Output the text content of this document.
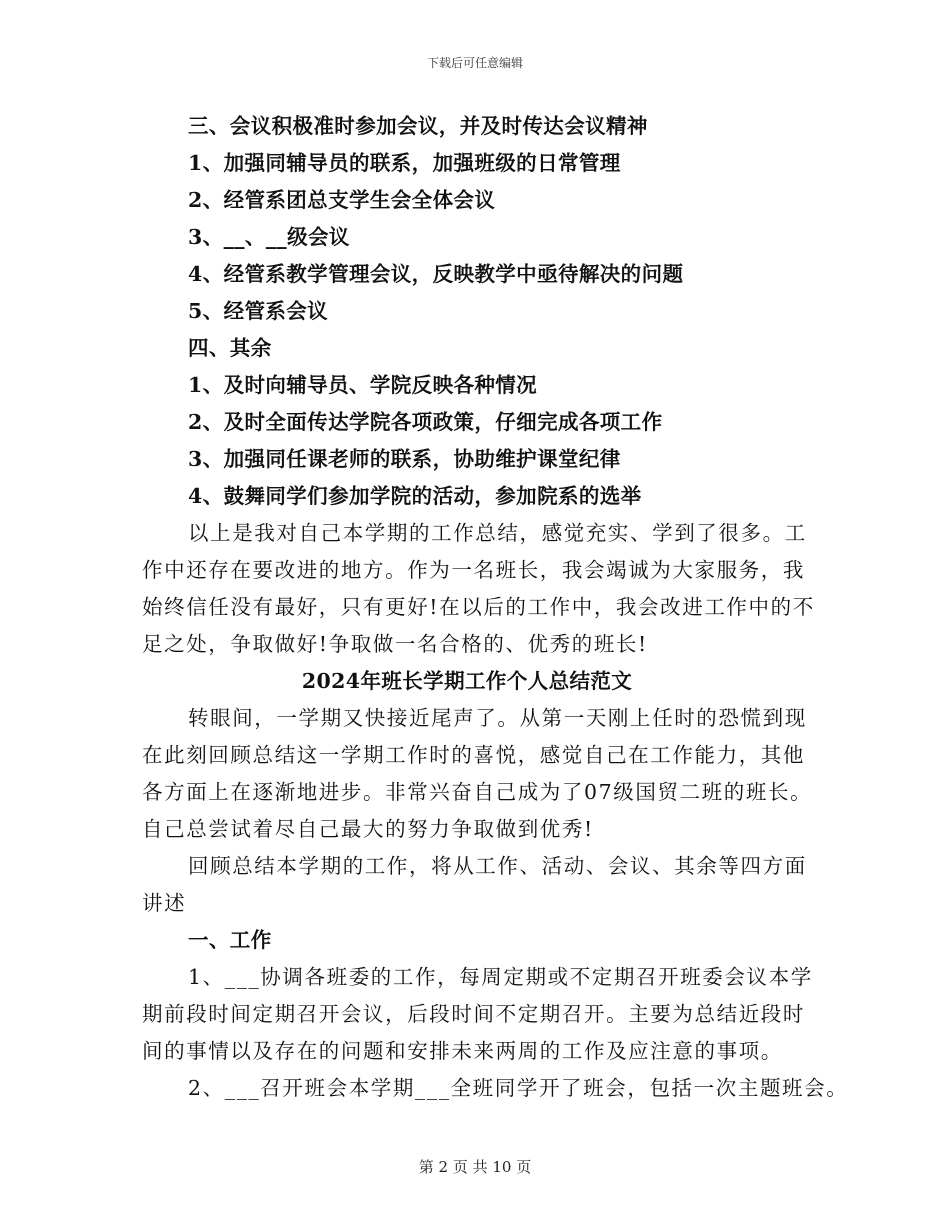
下载后可任意编辑
三、会议积极准时参加会议，并及时传达会议精神
1、加强同辅导员的联系，加强班级的日常管理
2、经管系团总支学生会全体会议
3、__、__级会议
4、经管系教学管理会议，反映教学中亟待解决的问题
5、经管系会议
四、其余
1、及时向辅导员、学院反映各种情况
2、及时全面传达学院各项政策，仔细完成各项工作
3、加强同任课老师的联系，协助维护课堂纪律
4、鼓舞同学们参加学院的活动，参加院系的选举
以上是我对自己本学期的工作总结，感觉充实、学到了很多。工
作中还存在要改进的地方。作为一名班长，我会竭诚为大家服务，我
始终信任没有最好，只有更好!在以后的工作中，我会改进工作中的不
足之处，争取做好!争取做一名合格的、优秀的班长!
2024年班长学期工作个人总结范文
转眼间，一学期又快接近尾声了。从第一天刚上任时的恐慌到现
在此刻回顾总结这一学期工作时的喜悦，感觉自己在工作能力，其他
各方面上在逐渐地进步。非常兴奋自己成为了07级国贸二班的班长。
自己总尝试着尽自己最大的努力争取做到优秀!
回顾总结本学期的工作，将从工作、活动、会议、其余等四方面
讲述
一、工作
1、___协调各班委的工作，每周定期或不定期召开班委会议本学
期前段时间定期召开会议，后段时间不定期召开。主要为总结近段时
间的事情以及存在的问题和安排未来两周的工作及应注意的事项。
2、___召开班会本学期___全班同学开了班会，包括一次主题班会。
第 2 页 共 10 页
